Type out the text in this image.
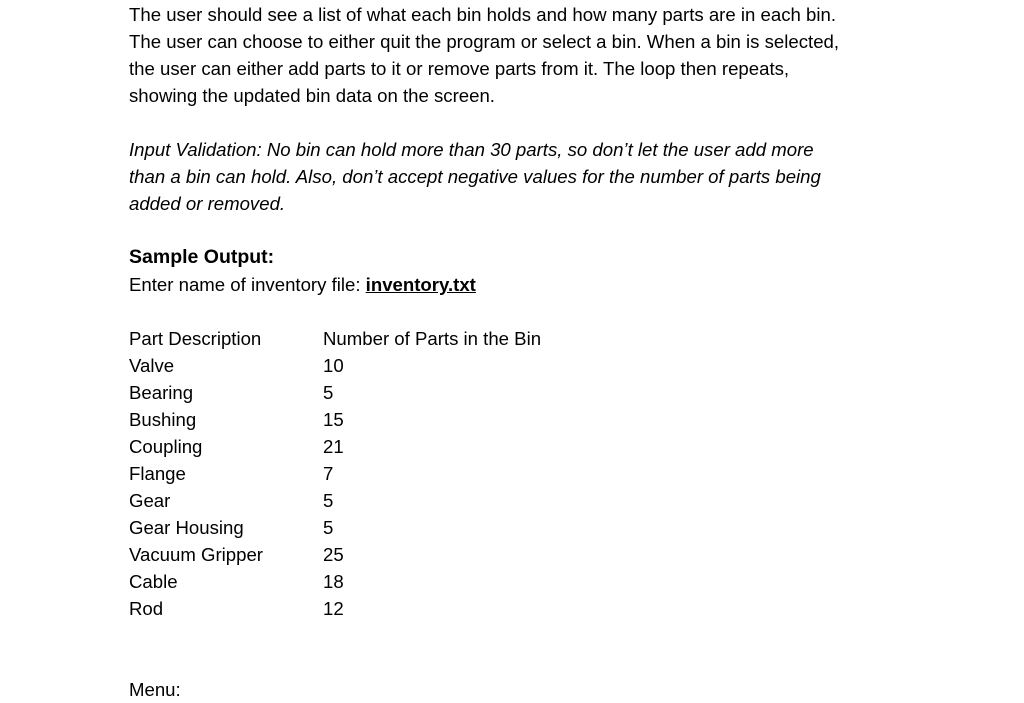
The user should see a list of what each bin holds and how many parts are in each bin.
The user can choose to either quit the program or select a bin. When a bin is selected,
the user can either add parts to it or remove parts from it. The loop then repeats,
showing the updated bin data on the screen.
Input Validation: No bin can hold more than 30 parts, so don’t let the user add more
than a bin can hold. Also, don’t accept negative values for the number of parts being
added or removed.
Sample Output:
Enter name of inventory file: inventory.txt
Part Description	Number of Parts in the Bin
Valve	10
Bearing	5
Bushing	15
Coupling	21
Flange	7
Gear	5
Gear Housing	5
Vacuum Gripper	25
Cable	18
Rod	12
Menu:
